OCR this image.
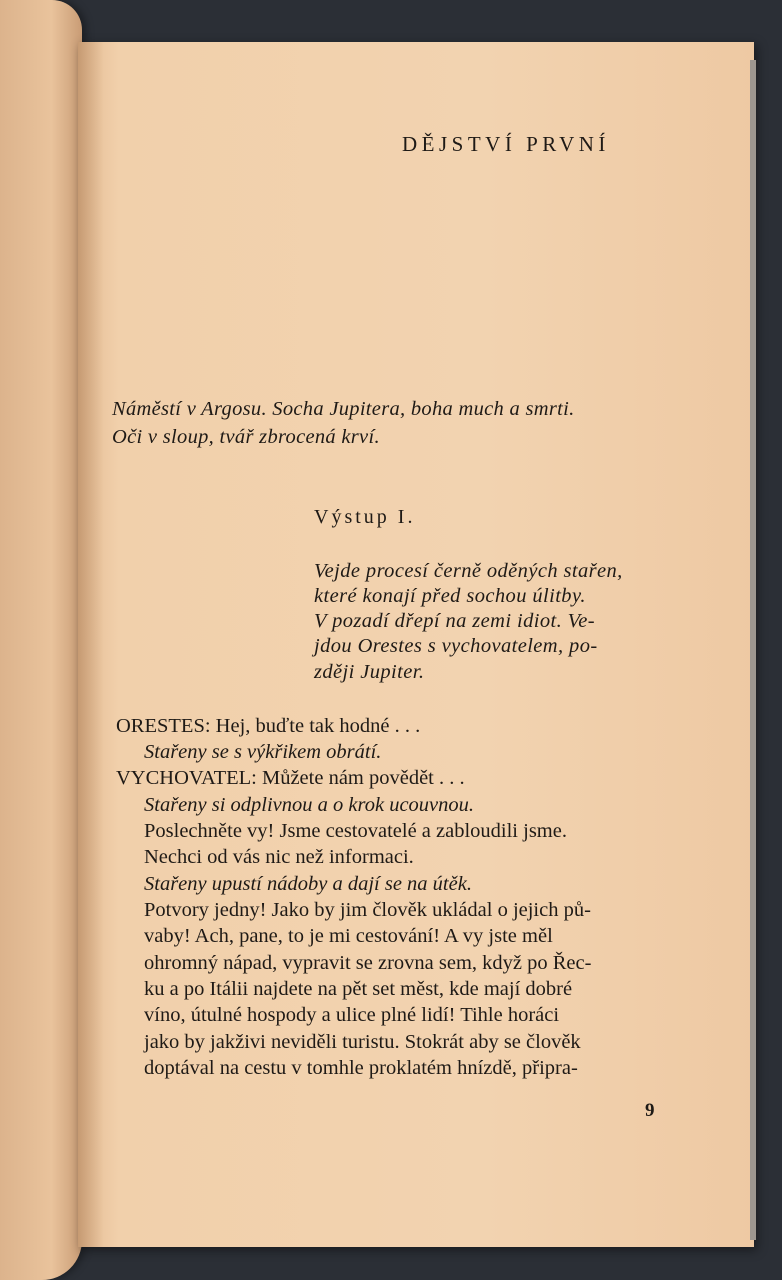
DĚJSTVÍ PRVNÍ
Náměstí v Argosu. Socha Jupitera, boha much a smrti.
Oči v sloup, tvář zbrocená krví.
Výstup I.
Vejde procesí černě oděných stařen,
které konají před sochou úlitby.
V pozadí dřepí na zemi idiot. Ve-
jdou Orestes s vychovatelem, po-
zději Jupiter.
ORESTES: Hej, buďte tak hodné . . .
Stařeny se s výkřikem obrátí.
VYCHOVATEL: Můžete nám povědět . . .
Stařeny si odplivnou a o krok ucouvnou.
Poslechněte vy! Jsme cestovatelé a zabloudili jsme.
Nechci od vás nic než informaci.
Stařeny upustí nádoby a dají se na útěk.
Potvory jedny! Jako by jim člověk ukládal o jejich pů-
vaby! Ach, pane, to je mi cestování! A vy jste měl
ohromný nápad, vypravit se zrovna sem, když po Řec-
ku a po Itálii najdete na pět set měst, kde mají dobré
víno, útulné hospody a ulice plné lidí! Tihle horáci
jako by jakživi neviděli turistu. Stokrát aby se člověk
doptával na cestu v tomhle proklatém hnízdě, připra-
9
